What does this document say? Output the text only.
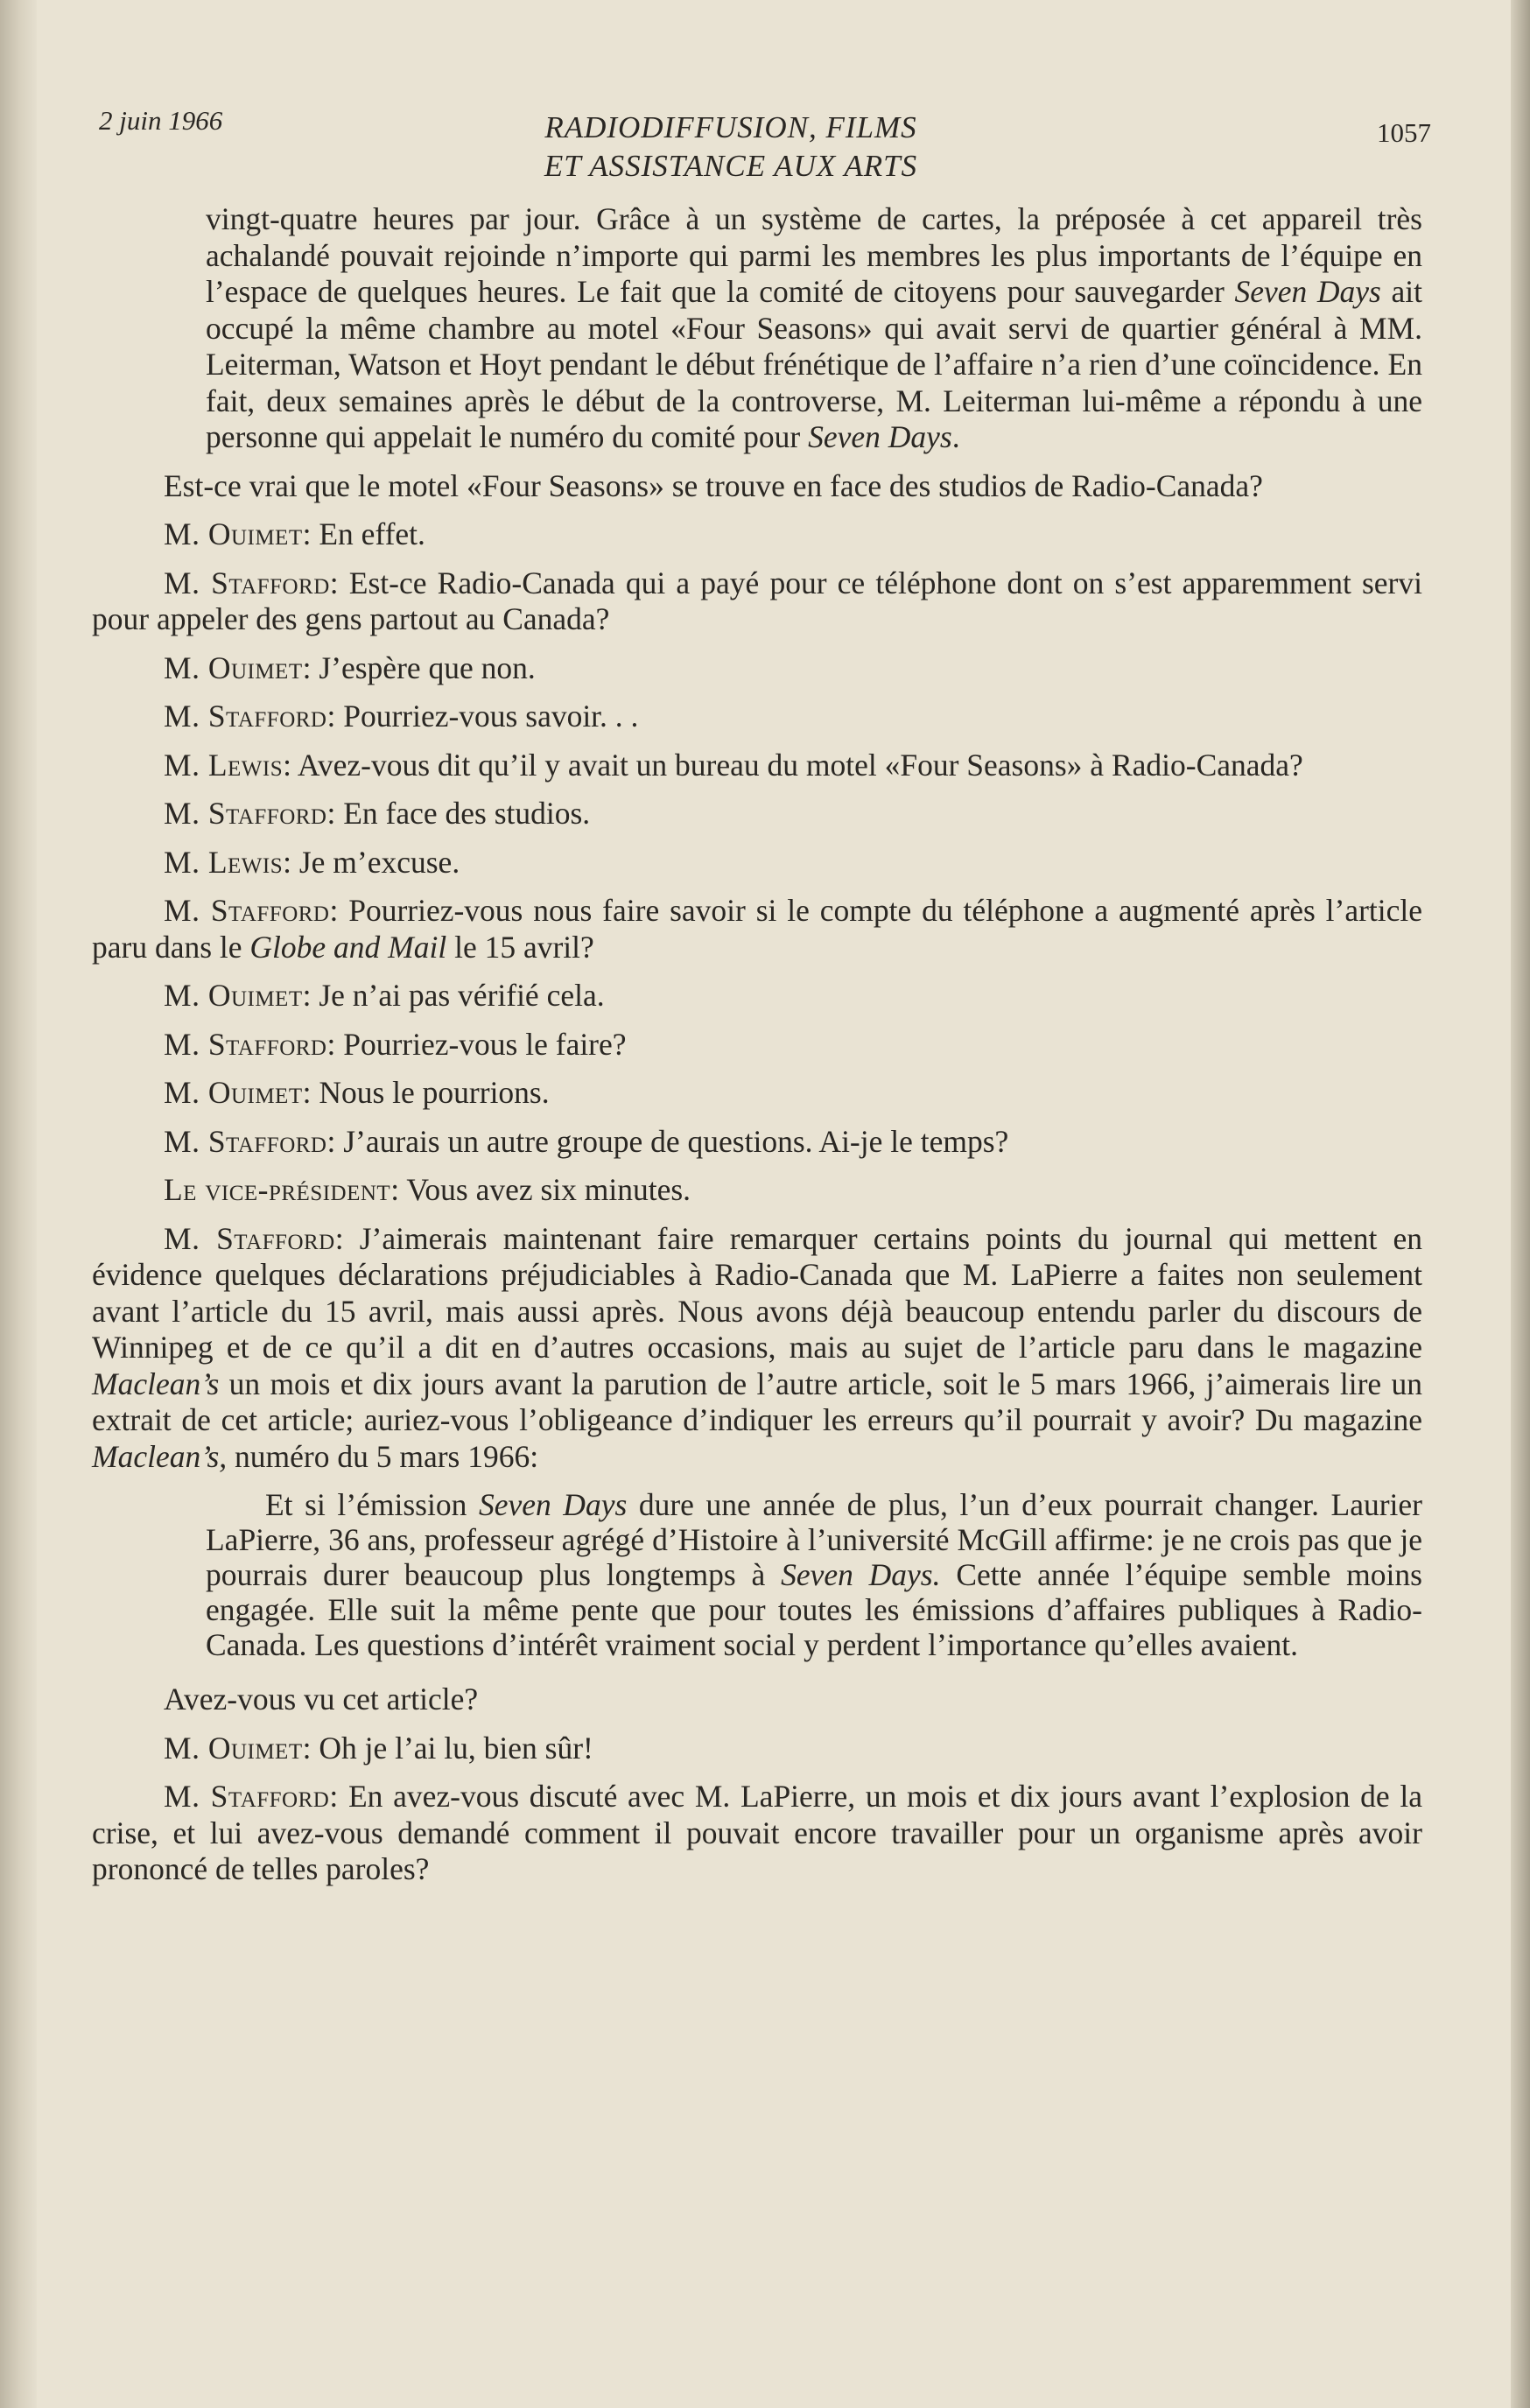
2 juin 1966	RADIODIFFUSION, FILMS
ET ASSISTANCE AUX ARTS
1057

vingt-quatre heures par jour. Grâce à un système de cartes, la préposée à cet appareil très achalandé pouvait rejoinde n’importe qui parmi les membres les plus importants de l’équipe en l’espace de quelques heures. Le fait que la comité de citoyens pour sauvegarder Seven Days ait occupé la même chambre au motel «Four Seasons» qui avait servi de quartier général à MM. Leiterman, Watson et Hoyt pendant le début frénétique de l’affaire n’a rien d’une coïncidence. En fait, deux semaines après le début de la controverse, M. Leiterman lui-même a répondu à une personne qui appelait le numéro du comité pour Seven Days.

Est-ce vrai que le motel «Four Seasons» se trouve en face des studios de Radio-Canada?

M. Ouimet: En effet.

M. Stafford: Est-ce Radio-Canada qui a payé pour ce téléphone dont on s’est apparemment servi pour appeler des gens partout au Canada?

M. Ouimet: J’espère que non.

M. Stafford: Pourriez-vous savoir. . .

M. Lewis: Avez-vous dit qu’il y avait un bureau du motel «Four Seasons» à Radio-Canada?

M. Stafford: En face des studios.

M. Lewis: Je m’excuse.

M. Stafford: Pourriez-vous nous faire savoir si le compte du téléphone a augmenté après l’article paru dans le Globe and Mail le 15 avril?

M. Ouimet: Je n’ai pas vérifié cela.

M. Stafford: Pourriez-vous le faire?

M. Ouimet: Nous le pourrions.

M. Stafford: J’aurais un autre groupe de questions. Ai-je le temps?

Le vice-président: Vous avez six minutes.

M. Stafford: J’aimerais maintenant faire remarquer certains points du journal qui mettent en évidence quelques déclarations préjudiciables à Radio-Canada que M. LaPierre a faites non seulement avant l’article du 15 avril, mais aussi après. Nous avons déjà beaucoup entendu parler du discours de Winnipeg et de ce qu’il a dit en d’autres occasions, mais au sujet de l’article paru dans le magazine Maclean’s un mois et dix jours avant la parution de l’autre article, soit le 5 mars 1966, j’aimerais lire un extrait de cet article; auriez-vous l’obligeance d’indiquer les erreurs qu’il pourrait y avoir? Du magazine Maclean’s, numéro du 5 mars 1966:

Et si l’émission Seven Days dure une année de plus, l’un d’eux pourrait changer. Laurier LaPierre, 36 ans, professeur agrégé d’Histoire à l’université McGill affirme: je ne crois pas que je pourrais durer beaucoup plus longtemps à Seven Days. Cette année l’équipe semble moins engagée. Elle suit la même pente que pour toutes les émissions d’affaires publiques à Radio-Canada. Les questions d’intérêt vraiment social y perdent l’importance qu’elles avaient.

Avez-vous vu cet article?

M. Ouimet: Oh je l’ai lu, bien sûr!

M. Stafford: En avez-vous discuté avec M. LaPierre, un mois et dix jours avant l’explosion de la crise, et lui avez-vous demandé comment il pouvait encore travailler pour un organisme après avoir prononcé de telles paroles?
